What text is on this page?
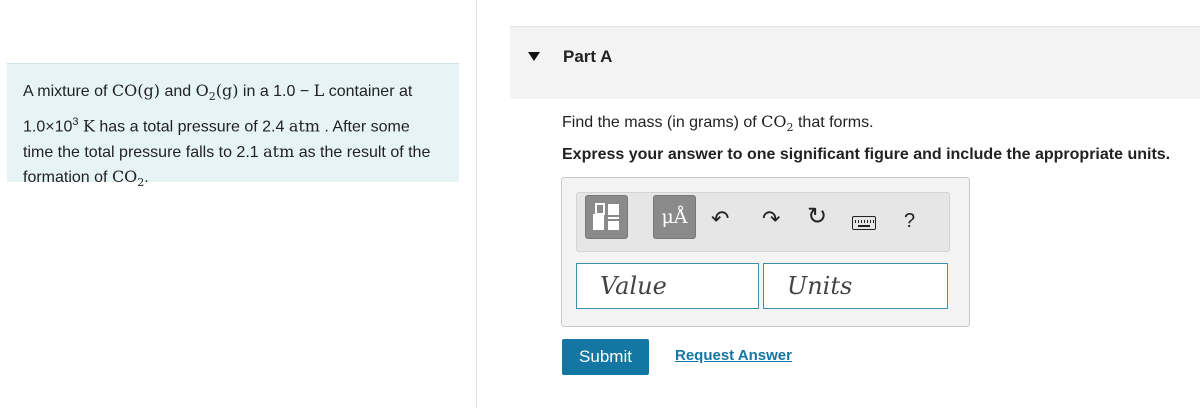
A mixture of CO(g) and $O_2(g)$ in a 1.0 − L container at $1.0\times 10^3$ K has a total pressure of 2.4 atm . After some time the total pressure falls to 2.1 atm as the result of the formation of $CO_2$.
Part A
Find the mass (in grams) of $CO_2$ that forms.
Express your answer to one significant figure and include the appropriate units.
μÅ	↶ ↷ ↻	?
Value	Units
Submit	Request Answer
